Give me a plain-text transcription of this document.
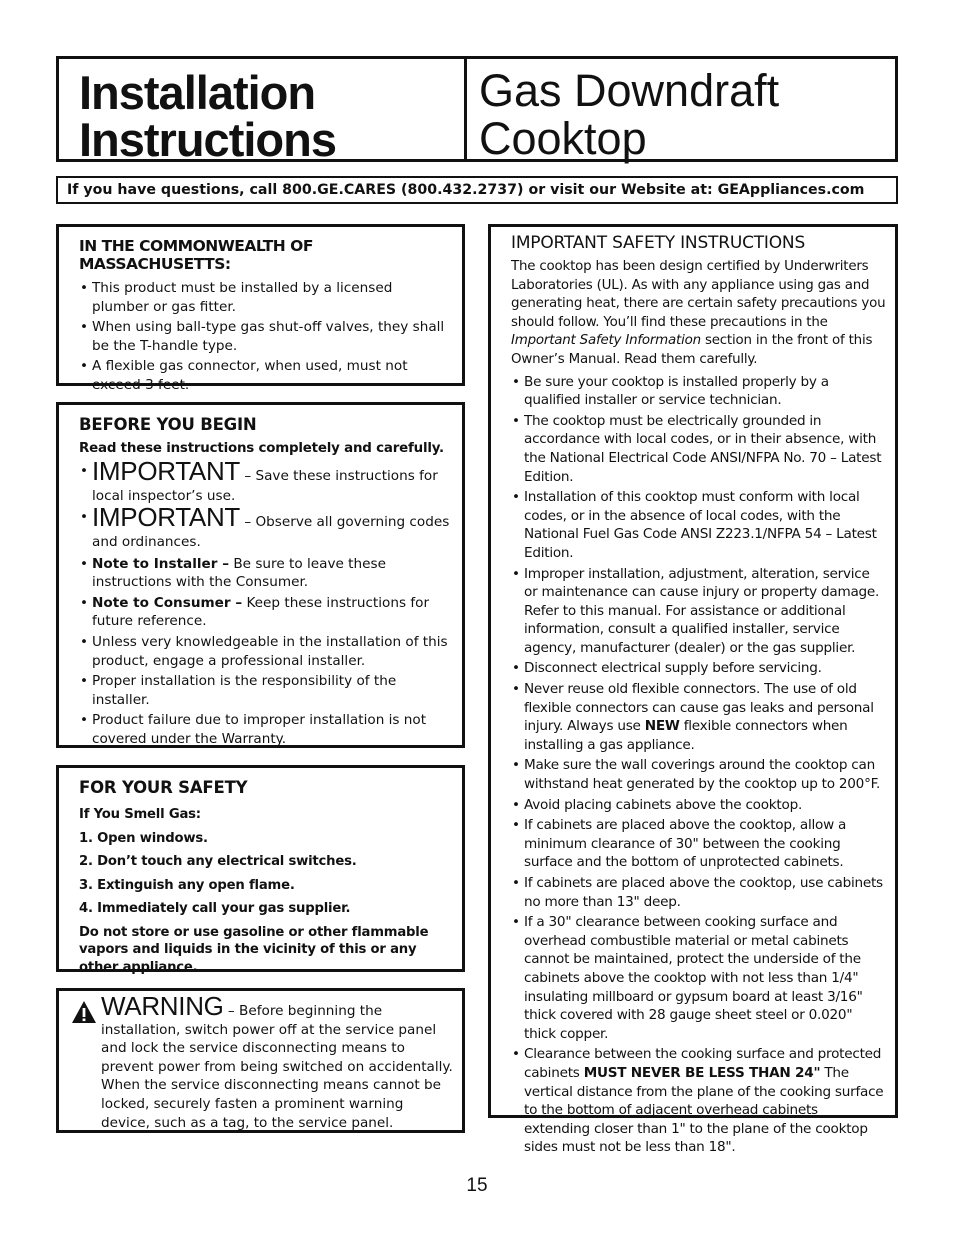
Installation
Instructions
Gas Downdraft
Cooktop
If you have questions, call 800.GE.CARES (800.432.2737) or visit our Website at: GEAppliances.com
IN THE COMMONWEALTH OF MASSACHUSETTS:
• This product must be installed by a licensed plumber or gas fitter.
• When using ball-type gas shut-off valves, they shall be the T-handle type.
• A flexible gas connector, when used, must not exceed 3 feet.
BEFORE YOU BEGIN
Read these instructions completely and carefully.
• IMPORTANT – Save these instructions for local inspector’s use.
• IMPORTANT – Observe all governing codes and ordinances.
• Note to Installer – Be sure to leave these instructions with the Consumer.
• Note to Consumer – Keep these instructions for future reference.
• Unless very knowledgeable in the installation of this product, engage a professional installer.
• Proper installation is the responsibility of the installer.
• Product failure due to improper installation is not covered under the Warranty.
FOR YOUR SAFETY
If You Smell Gas:
1. Open windows.
2. Don’t touch any electrical switches.
3. Extinguish any open flame.
4. Immediately call your gas supplier.
Do not store or use gasoline or other flammable vapors and liquids in the vicinity of this or any other appliance.
WARNING – Before beginning the installation, switch power off at the service panel and lock the service disconnecting means to prevent power from being switched on accidentally. When the service disconnecting means cannot be locked, securely fasten a prominent warning device, such as a tag, to the service panel.
IMPORTANT SAFETY INSTRUCTIONS
The cooktop has been design certified by Underwriters Laboratories (UL). As with any appliance using gas and generating heat, there are certain safety precautions you should follow. You’ll find these precautions in the Important Safety Information section in the front of this Owner’s Manual. Read them carefully.
• Be sure your cooktop is installed properly by a qualified installer or service technician.
• The cooktop must be electrically grounded in accordance with local codes, or in their absence, with the National Electrical Code ANSI/NFPA No. 70 – Latest Edition.
• Installation of this cooktop must conform with local codes, or in the absence of local codes, with the National Fuel Gas Code ANSI Z223.1/NFPA 54 – Latest Edition.
• Improper installation, adjustment, alteration, service or maintenance can cause injury or property damage. Refer to this manual. For assistance or additional information, consult a qualified installer, service agency, manufacturer (dealer) or the gas supplier.
• Disconnect electrical supply before servicing.
• Never reuse old flexible connectors. The use of old flexible connectors can cause gas leaks and personal injury. Always use NEW flexible connectors when installing a gas appliance.
• Make sure the wall coverings around the cooktop can withstand heat generated by the cooktop up to 200°F.
• Avoid placing cabinets above the cooktop.
• If cabinets are placed above the cooktop, allow a minimum clearance of 30" between the cooking surface and the bottom of unprotected cabinets.
• If cabinets are placed above the cooktop, use cabinets no more than 13" deep.
• If a 30" clearance between cooking surface and overhead combustible material or metal cabinets cannot be maintained, protect the underside of the cabinets above the cooktop with not less than 1/4" insulating millboard or gypsum board at least 3/16" thick covered with 28 gauge sheet steel or 0.020" thick copper.
• Clearance between the cooking surface and protected cabinets MUST NEVER BE LESS THAN 24" The vertical distance from the plane of the cooking surface to the bottom of adjacent overhead cabinets extending closer than 1" to the plane of the cooktop sides must not be less than 18".
15
